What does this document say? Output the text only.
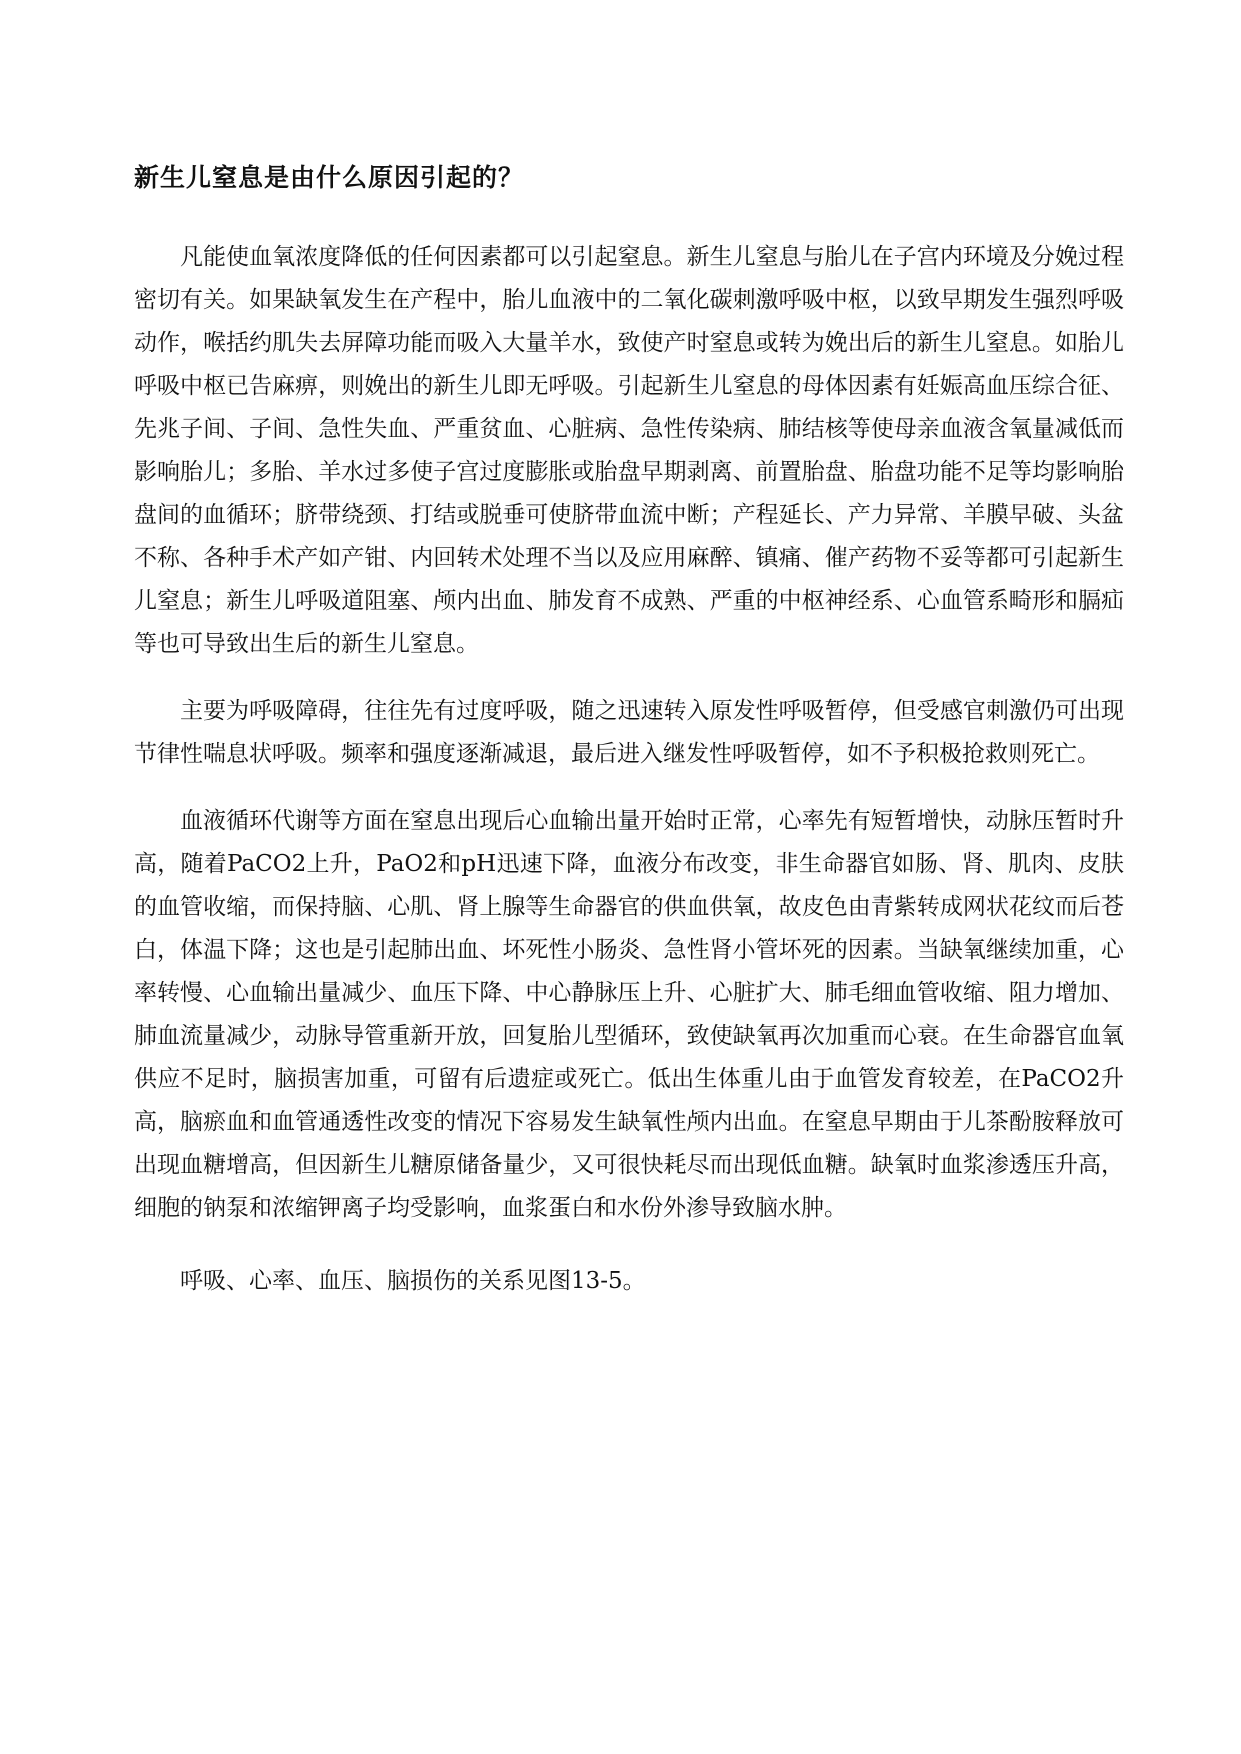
新生儿窒息是由什么原因引起的？

凡能使血氧浓度降低的任何因素都可以引起窒息。新生儿窒息与胎儿在子宫内环境及分娩过程密切有关。如果缺氧发生在产程中，胎儿血液中的二氧化碳刺激呼吸中枢，以致早期发生强烈呼吸动作，喉括约肌失去屏障功能而吸入大量羊水，致使产时窒息或转为娩出后的新生儿窒息。如胎儿呼吸中枢已告麻痹，则娩出的新生儿即无呼吸。引起新生儿窒息的母体因素有妊娠高血压综合征、先兆子间、子间、急性失血、严重贫血、心脏病、急性传染病、肺结核等使母亲血液含氧量减低而影响胎儿；多胎、羊水过多使子宫过度膨胀或胎盘早期剥离、前置胎盘、胎盘功能不足等均影响胎盘间的血循环；脐带绕颈、打结或脱垂可使脐带血流中断；产程延长、产力异常、羊膜早破、头盆不称、各种手术产如产钳、内回转术处理不当以及应用麻醉、镇痛、催产药物不妥等都可引起新生儿窒息；新生儿呼吸道阻塞、颅内出血、肺发育不成熟、严重的中枢神经系、心血管系畸形和膈疝等也可导致出生后的新生儿窒息。

主要为呼吸障碍，往往先有过度呼吸，随之迅速转入原发性呼吸暂停，但受感官刺激仍可出现节律性喘息状呼吸。频率和强度逐渐减退，最后进入继发性呼吸暂停，如不予积极抢救则死亡。

血液循环代谢等方面在窒息出现后心血输出量开始时正常，心率先有短暂增快，动脉压暂时升高，随着PaCO2上升，PaO2和pH迅速下降，血液分布改变，非生命器官如肠、肾、肌肉、皮肤的血管收缩，而保持脑、心肌、肾上腺等生命器官的供血供氧，故皮色由青紫转成网状花纹而后苍白，体温下降；这也是引起肺出血、坏死性小肠炎、急性肾小管坏死的因素。当缺氧继续加重，心率转慢、心血输出量减少、血压下降、中心静脉压上升、心脏扩大、肺毛细血管收缩、阻力增加、肺血流量减少，动脉导管重新开放，回复胎儿型循环，致使缺氧再次加重而心衰。在生命器官血氧供应不足时，脑损害加重，可留有后遗症或死亡。低出生体重儿由于血管发育较差，在PaCO2升高，脑瘀血和血管通透性改变的情况下容易发生缺氧性颅内出血。在窒息早期由于儿茶酚胺释放可出现血糖增高，但因新生儿糖原储备量少，又可很快耗尽而出现低血糖。缺氧时血浆渗透压升高，细胞的钠泵和浓缩钾离子均受影响，血浆蛋白和水份外渗导致脑水肿。

呼吸、心率、血压、脑损伤的关系见图13-5。
